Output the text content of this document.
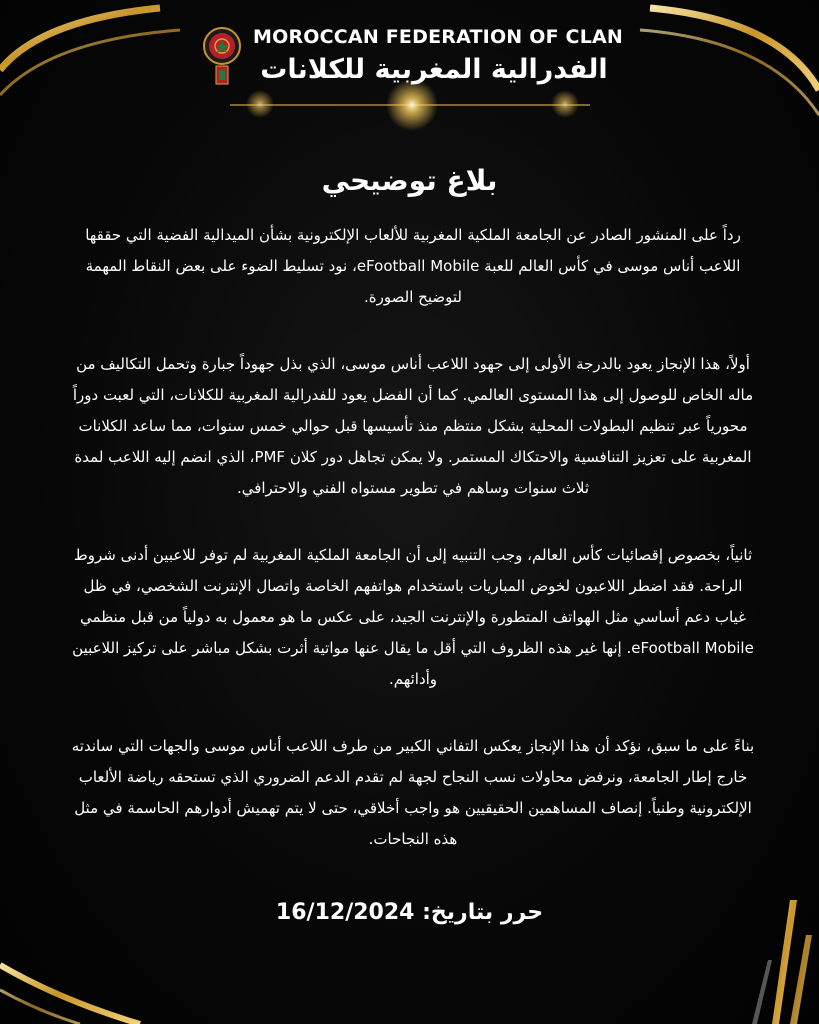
MOROCCAN FEDERATION OF CLAN
الفدرالية المغربية للكلانات
بلاغ توضيحي

رداً على المنشور الصادر عن الجامعة الملكية المغربية للألعاب الإلكترونية بشأن الميدالية الفضية التي حققها اللاعب أناس موسى في كأس العالم للعبة eFootball Mobile، نود تسليط الضوء على بعض النقاط المهمة لتوضيح الصورة.

أولاً، هذا الإنجاز يعود بالدرجة الأولى إلى جهود اللاعب أناس موسى، الذي بذل جهوداً جبارة وتحمل التكاليف من ماله الخاص للوصول إلى هذا المستوى العالمي. كما أن الفضل يعود للفدرالية المغربية للكلانات، التي لعبت دوراً محورياً عبر تنظيم البطولات المحلية بشكل منتظم منذ تأسيسها قبل حوالي خمس سنوات، مما ساعد الكلانات المغربية على تعزيز التنافسية والاحتكاك المستمر. ولا يمكن تجاهل دور كلان PMF، الذي انضم إليه اللاعب لمدة ثلاث سنوات وساهم في تطوير مستواه الفني والاحترافي.

ثانياً، بخصوص إقصائيات كأس العالم، وجب التنبيه إلى أن الجامعة الملكية المغربية لم توفر للاعبين أدنى شروط الراحة. فقد اضطر اللاعبون لخوض المباريات باستخدام هواتفهم الخاصة واتصال الإنترنت الشخصي، في ظل غياب دعم أساسي مثل الهواتف المتطورة والإنترنت الجيد، على عكس ما هو معمول به دولياً من قبل منظمي eFootball Mobile. إنها غير هذه الظروف التي أقل ما يقال عنها مواتية أثرت بشكل مباشر على تركيز اللاعبين وأدائهم.

بناءً على ما سبق، نؤكد أن هذا الإنجاز يعكس التفاني الكبير من طرف اللاعب أناس موسى والجهات التي ساندته خارج إطار الجامعة، ونرفض محاولات نسب النجاح لجهة لم تقدم الدعم الضروري الذي تستحقه رياضة الألعاب الإلكترونية وطنياً. إنصاف المساهمين الحقيقيين هو واجب أخلاقي، حتى لا يتم تهميش أدوارهم الحاسمة في مثل هذه النجاحات.

حرر بتاريخ: 16/12/2024
